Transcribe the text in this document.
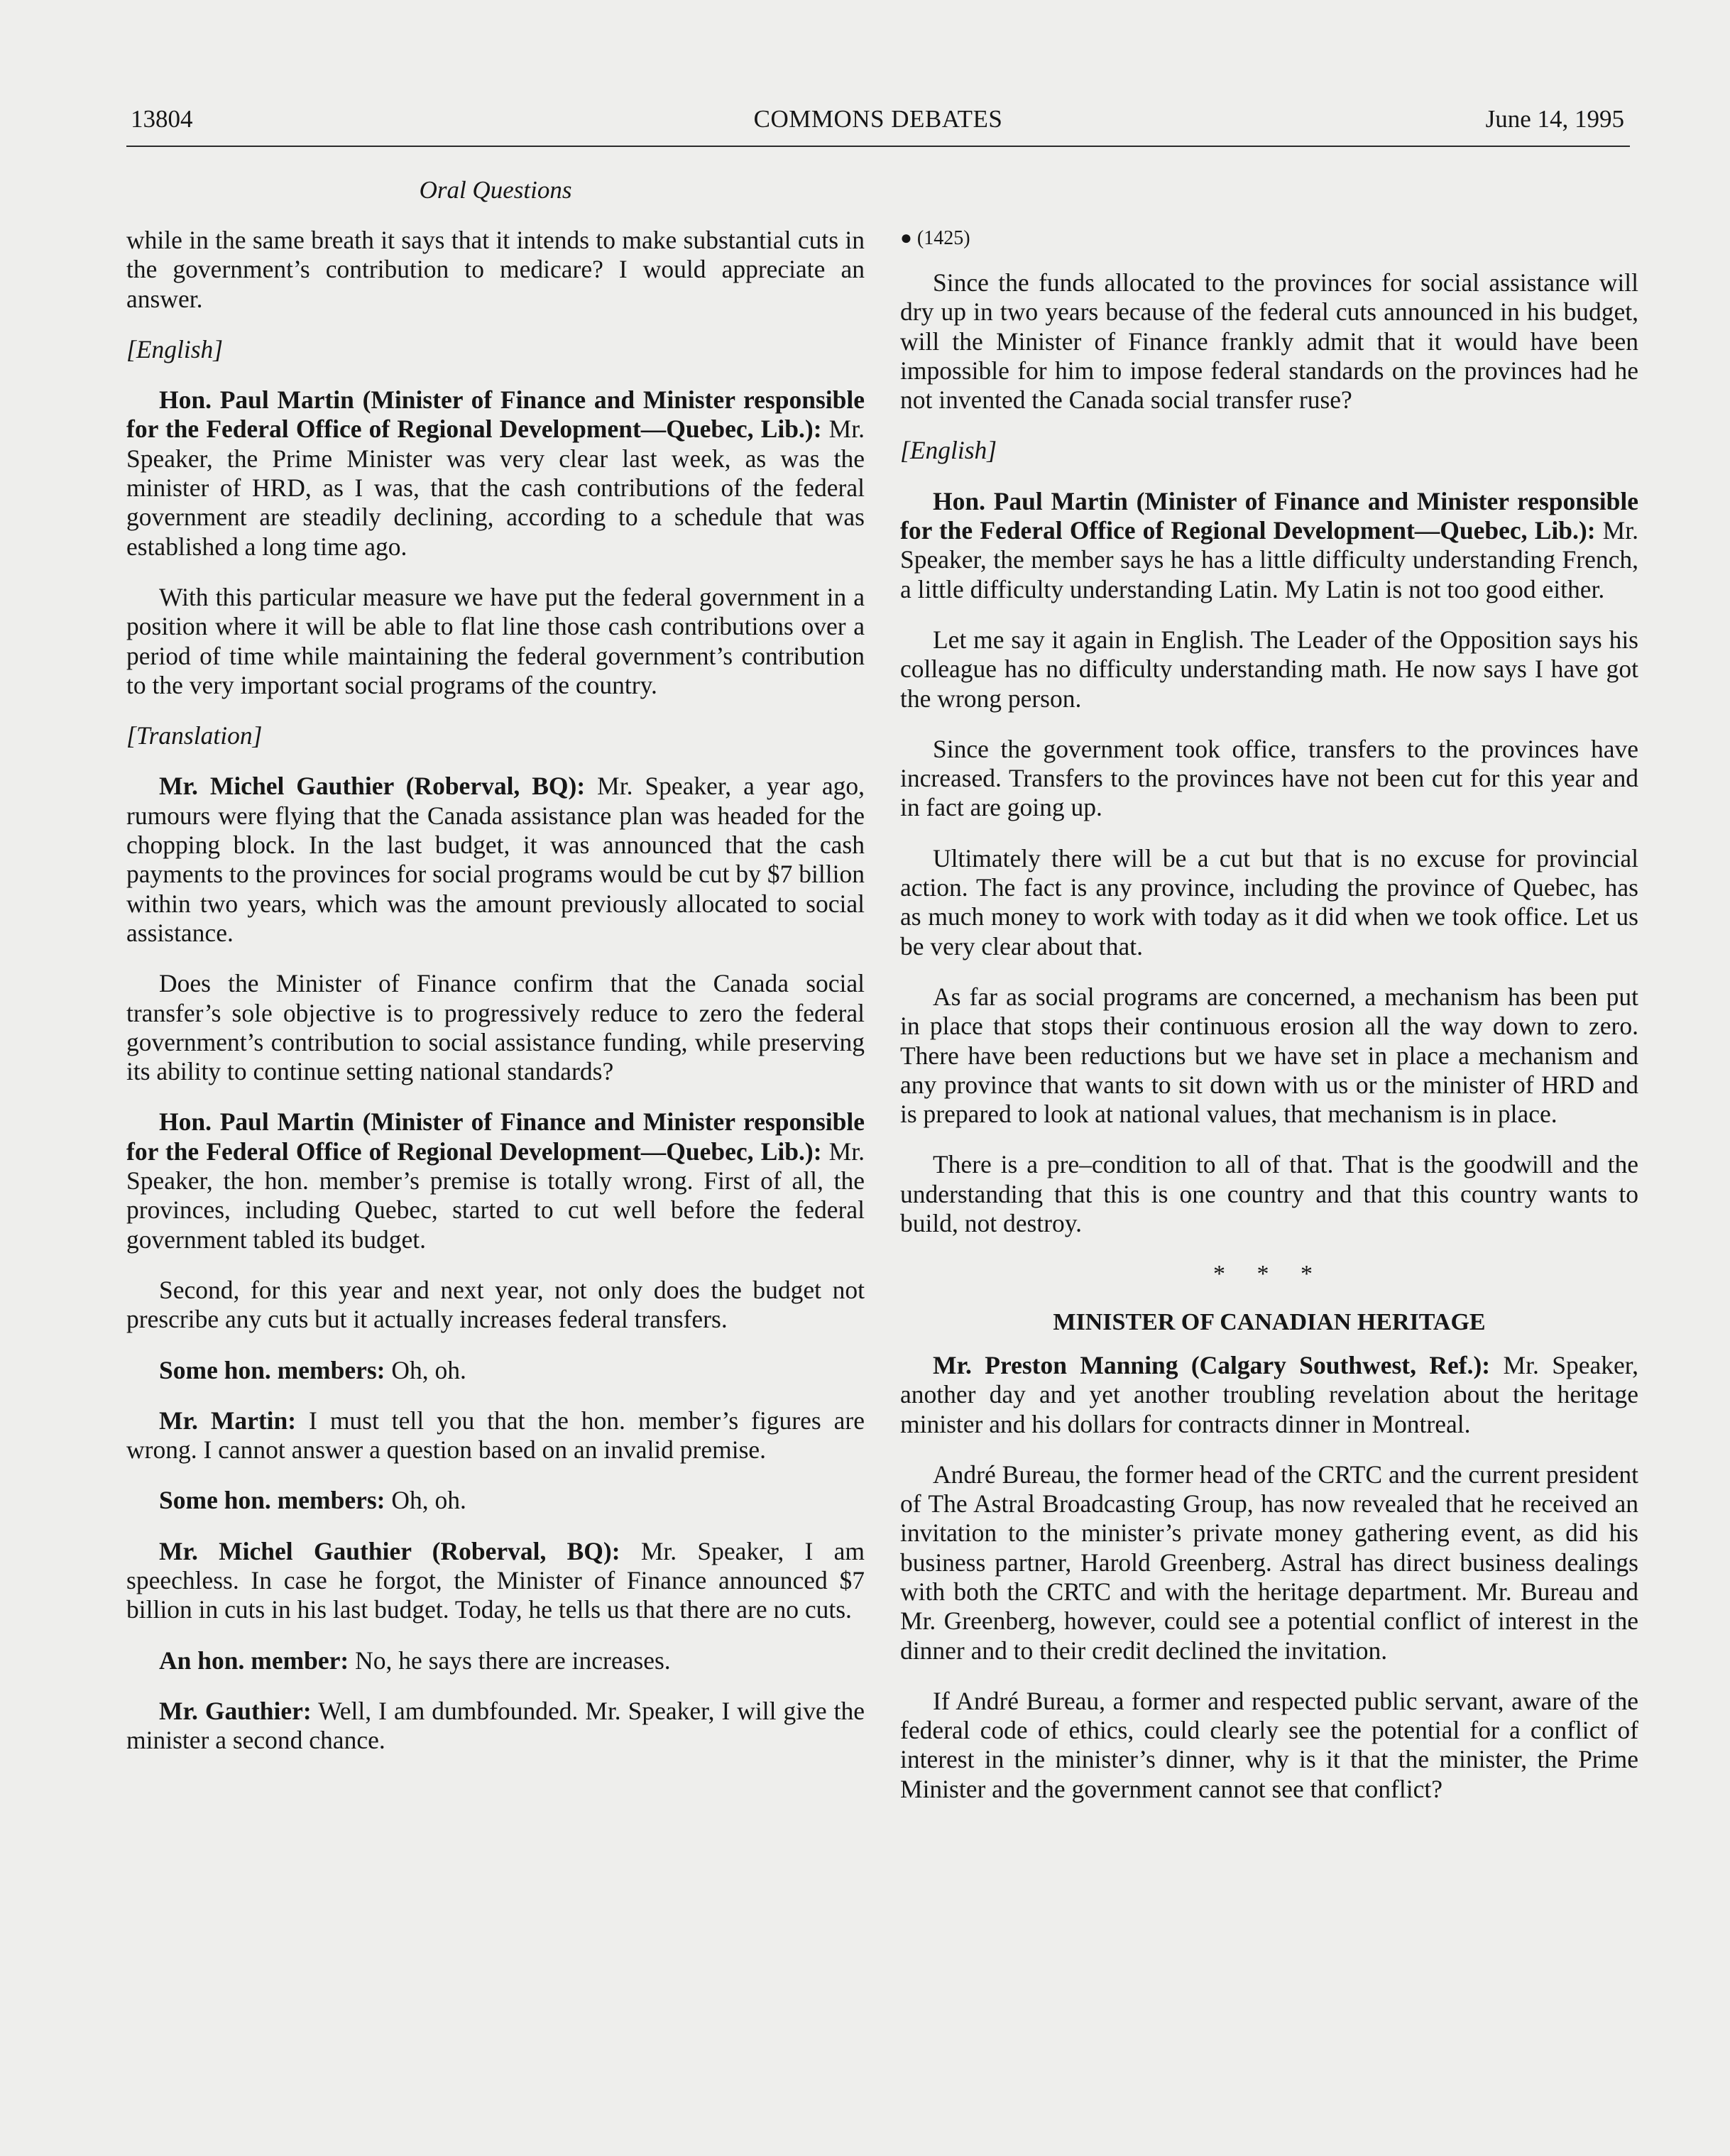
13804	COMMONS DEBATES	June 14, 1995
Oral Questions

while in the same breath it says that it intends to make substantial cuts in the government’s contribution to medicare? I would appreciate an answer.

[English]

Hon. Paul Martin (Minister of Finance and Minister responsible for the Federal Office of Regional Development—Quebec, Lib.): Mr. Speaker, the Prime Minister was very clear last week, as was the minister of HRD, as I was, that the cash contributions of the federal government are steadily declining, according to a schedule that was established a long time ago.

With this particular measure we have put the federal government in a position where it will be able to flat line those cash contributions over a period of time while maintaining the federal government’s contribution to the very important social programs of the country.

[Translation]

Mr. Michel Gauthier (Roberval, BQ): Mr. Speaker, a year ago, rumours were flying that the Canada assistance plan was headed for the chopping block. In the last budget, it was announced that the cash payments to the provinces for social programs would be cut by $7 billion within two years, which was the amount previously allocated to social assistance.

Does the Minister of Finance confirm that the Canada social transfer’s sole objective is to progressively reduce to zero the federal government’s contribution to social assistance funding, while preserving its ability to continue setting national standards?

Hon. Paul Martin (Minister of Finance and Minister responsible for the Federal Office of Regional Development—Quebec, Lib.): Mr. Speaker, the hon. member’s premise is totally wrong. First of all, the provinces, including Quebec, started to cut well before the federal government tabled its budget.

Second, for this year and next year, not only does the budget not prescribe any cuts but it actually increases federal transfers.

Some hon. members: Oh, oh.

Mr. Martin: I must tell you that the hon. member’s figures are wrong. I cannot answer a question based on an invalid premise.

Some hon. members: Oh, oh.

Mr. Michel Gauthier (Roberval, BQ): Mr. Speaker, I am speechless. In case he forgot, the Minister of Finance announced $7 billion in cuts in his last budget. Today, he tells us that there are no cuts.

An hon. member: No, he says there are increases.

Mr. Gauthier: Well, I am dumbfounded. Mr. Speaker, I will give the minister a second chance.

● (1425)

Since the funds allocated to the provinces for social assistance will dry up in two years because of the federal cuts announced in his budget, will the Minister of Finance frankly admit that it would have been impossible for him to impose federal standards on the provinces had he not invented the Canada social transfer ruse?

[English]

Hon. Paul Martin (Minister of Finance and Minister responsible for the Federal Office of Regional Development—Quebec, Lib.): Mr. Speaker, the member says he has a little difficulty understanding French, a little difficulty understanding Latin. My Latin is not too good either.

Let me say it again in English. The Leader of the Opposition says his colleague has no difficulty understanding math. He now says I have got the wrong person.

Since the government took office, transfers to the provinces have increased. Transfers to the provinces have not been cut for this year and in fact are going up.

Ultimately there will be a cut but that is no excuse for provincial action. The fact is any province, including the province of Quebec, has as much money to work with today as it did when we took office. Let us be very clear about that.

As far as social programs are concerned, a mechanism has been put in place that stops their continuous erosion all the way down to zero. There have been reductions but we have set in place a mechanism and any province that wants to sit down with us or the minister of HRD and is prepared to look at national values, that mechanism is in place.

There is a pre–condition to all of that. That is the goodwill and the understanding that this is one country and that this country wants to build, not destroy.

* * *
MINISTER OF CANADIAN HERITAGE

Mr. Preston Manning (Calgary Southwest, Ref.): Mr. Speaker, another day and yet another troubling revelation about the heritage minister and his dollars for contracts dinner in Montreal.

André Bureau, the former head of the CRTC and the current president of The Astral Broadcasting Group, has now revealed that he received an invitation to the minister’s private money gathering event, as did his business partner, Harold Greenberg. Astral has direct business dealings with both the CRTC and with the heritage department. Mr. Bureau and Mr. Greenberg, however, could see a potential conflict of interest in the dinner and to their credit declined the invitation.

If André Bureau, a former and respected public servant, aware of the federal code of ethics, could clearly see the potential for a conflict of interest in the minister’s dinner, why is it that the minister, the Prime Minister and the government cannot see that conflict?
